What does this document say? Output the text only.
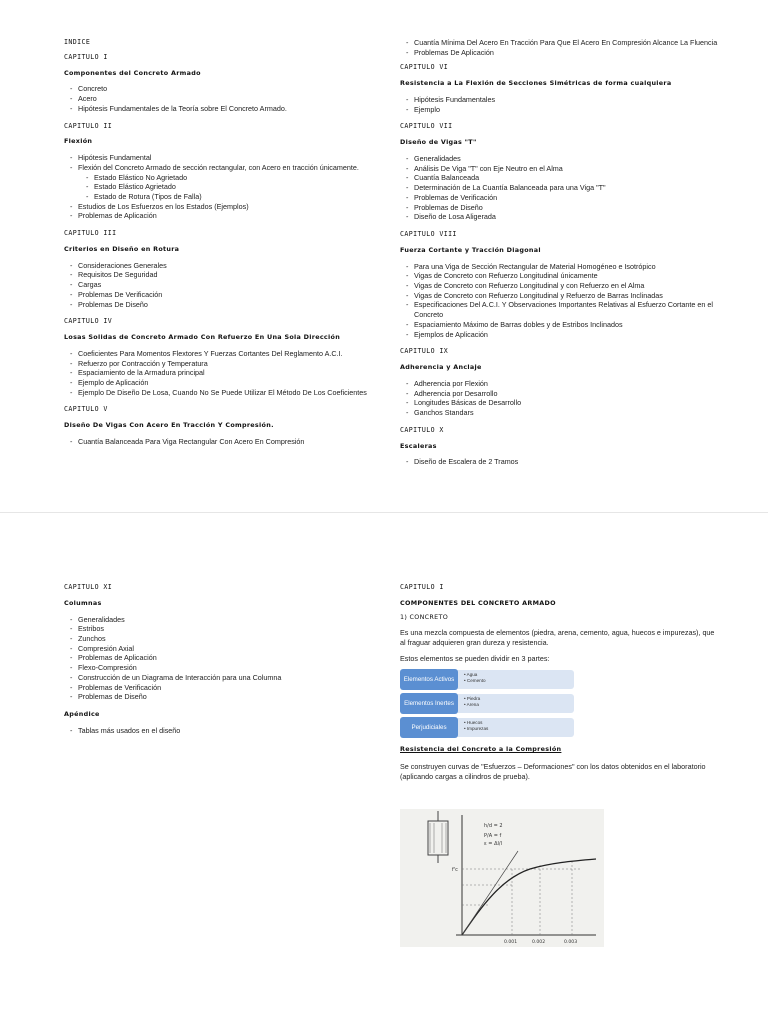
INDICE

CAPITULO I

Componentes del Concreto Armado

- Concreto
- Acero
- Hipótesis Fundamentales de la Teoría sobre El Concreto Armado.

CAPITULO II

Flexión

- Hipótesis Fundamental
- Flexión del Concreto Armado de sección rectangular, con Acero en tracción únicamente.
- Estado Elástico No Agrietado
- Estado Elástico Agrietado
- Estado de Rotura (Tipos de Falla)
- Estudios de Los Esfuerzos en los Estados (Ejemplos)
- Problemas de Aplicación

CAPITULO III

Criterios en Diseño en Rotura

- Consideraciones Generales
- Requisitos De Seguridad
- Cargas
- Problemas De Verificación
- Problemas De Diseño

CAPITULO IV

Losas Solidas de Concreto Armado Con Refuerzo En Una Sola Dirección

- Coeficientes Para Momentos Flextores Y Fuerzas Cortantes Del Reglamento A.C.I.
- Refuerzo por Contracción y Temperatura
- Espaciamiento de la Armadura principal
- Ejemplo de Aplicación
- Ejemplo De Diseño De Losa, Cuando No Se Puede Utilizar El Método De Los Coeficientes

CAPITULO V

Diseño De Vigas Con Acero En Tracción Y Compresión.

- Cuantía Balanceada Para Viga Rectangular Con Acero En Compresión
- Cuantía Mínima Del Acero En Tracción Para Que El Acero En Compresión Alcance La Fluencia
- Problemas De Aplicación

CAPITULO VI

Resistencia a La Flexión de Secciones Simétricas de forma cualquiera

- Hipótesis Fundamentales
- Ejemplo

CAPITULO VII

Diseño de Vigas "T"

- Generalidades
- Análisis De Viga "T" con Eje Neutro en el Alma
- Cuantía Balanceada
- Determinación de La Cuantía Balanceada para una Viga "T"
- Problemas de Verificación
- Problemas de Diseño
- Diseño de Losa Aligerada

CAPITULO VIII

Fuerza Cortante y Tracción Diagonal

- Para una Viga de Sección Rectangular de Material Homogéneo e Isotrópico
- Vigas de Concreto con Refuerzo Longitudinal únicamente
- Vigas de Concreto con Refuerzo Longitudinal y con Refuerzo en el Alma
- Vigas de Concreto con Refuerzo Longitudinal y Refuerzo de Barras Inclinadas
- Especificaciones Del A.C.I. Y Observaciones Importantes Relativas al Esfuerzo Cortante en el Concreto
- Espaciamiento Máximo de Barras dobles y de Estribos Inclinados
- Ejemplos de Aplicación

CAPITULO IX

Adherencia y Anclaje

- Adherencia por Flexión
- Adherencia por Desarrollo
- Longitudes Básicas de Desarrollo
- Ganchos Standars

CAPITULO X

Escaleras

- Diseño de Escalera de 2 Tramos

CAPITULO XI

Columnas

- Generalidades
- Estribos
- Zunchos
- Compresión Axial
- Problemas de Aplicación
- Flexo-Compresión
- Construcción de un Diagrama de Interacción para una Columna
- Problemas de Verificación
- Problemas de Diseño

Apéndice

- Tablas más usados en el diseño

CAPITULO I

COMPONENTES DEL CONCRETO ARMADO

1) CONCRETO

Es una mezcla compuesta de elementos (piedra, arena, cemento, agua, huecos e impurezas), que al fraguar adquieren gran dureza y resistencia.

Estos elementos se pueden dividir en 3 partes:

Elementos Activos
• Agua
• Cemento
Elementos Inertes
• Piedra
• Arena
Perjudiciales
• Huecos
• Impurezas

Resistencia del Concreto a la Compresión

Se construyen curvas de "Esfuerzos – Deformaciones" con los datos obtenidos en el laboratorio (aplicando cargas a cilindros de prueba).

h/d = 2
P/A = f
ε = Δl/l
f'c
0.001	0.002	0.003
